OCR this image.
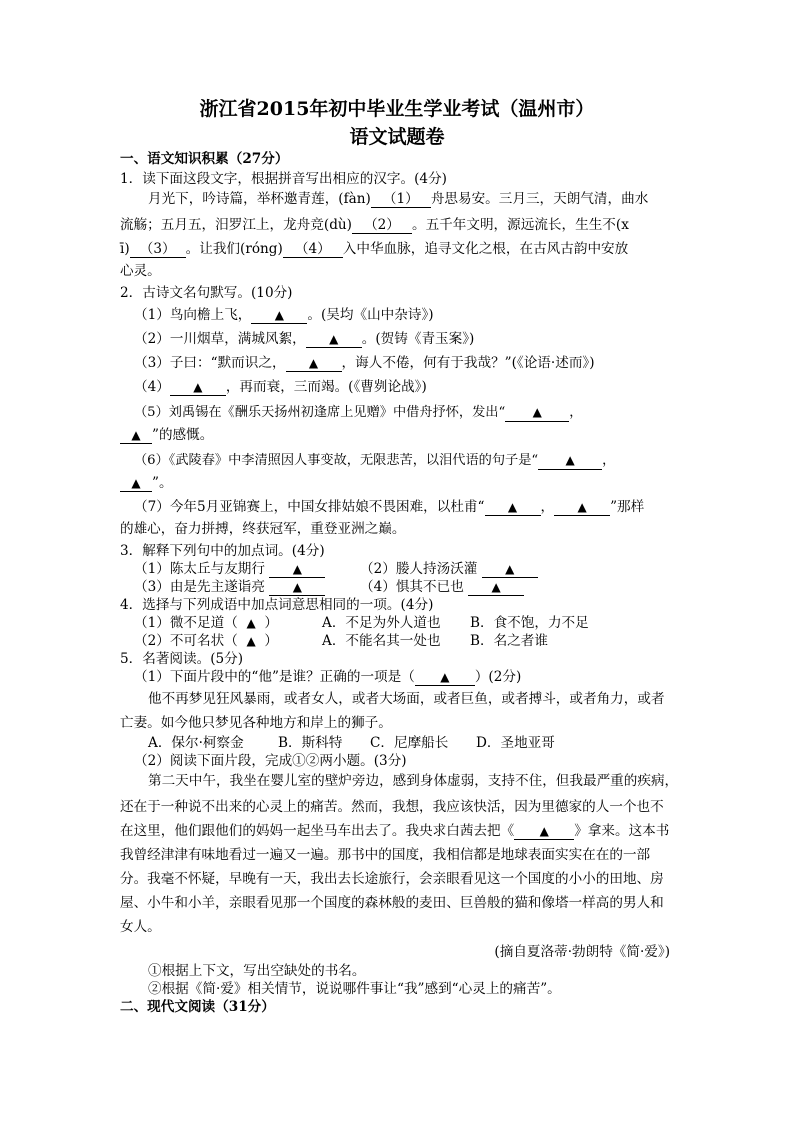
浙江省2015年初中毕业生学业考试（温州市）
语文试题卷
一、语文知识积累（27分）
1．读下面这段文字，根据拼音写出相应的汉字。(4分)
月光下，吟诗篇，举杯邀青莲，(fàn) （1） 舟思易安。三月三，天朗气清，曲水
流觞；五月五，汨罗江上，龙舟竞(dù) （2） 。五千年文明，源远流长，生生不(x
ī) （3） 。让我们(róng) （4） 入中华血脉，追寻文化之根，在古风古韵中安放
心灵。
2．古诗文名句默写。(10分)
（1）鸟向檐上飞， ▲ 。(吴均《山中杂诗》)
（2）一川烟草，满城风絮， ▲ 。(贺铸《青玉案》)
（3）子曰：“默而识之， ▲ ，诲人不倦，何有于我哉？”(《论语·述而》)
（4） ▲ ，再而衰，三而竭。(《曹刿论战》)
（5）刘禹锡在《酬乐天扬州初逢席上见赠》中借舟抒怀，发出“ ▲ ，
▲ ”的感慨。
（6）《武陵春》中李清照因人事变故，无限悲苦，以泪代语的句子是“ ▲ ，
▲ ”。
（7）今年5月亚锦赛上，中国女排姑娘不畏困难，以杜甫“ ▲ ， ▲ ”那样
的雄心，奋力拼搏，终获冠军，重登亚洲之巅。
3．解释下列句中的加点词。(4分)
（1）陈太丘与友期行 ▲	（2）媵人持汤沃灌 ▲
（3）由是先主遂诣亮 ▲	（4）惧其不已也 ▲
4．选择与下列成语中加点词意思相同的一项。(4分)
（1）微不足道（ ▲ ）	A．不足为外人道也 B．食不饱，力不足
（2）不可名状（ ▲ ）	A．不能名其一处也 B．名之者谁
5．名著阅读。(5分)
（1）下面片段中的“他”是谁？正确的一项是（ ▲ ）(2分)
他不再梦见狂风暴雨，或者女人，或者大场面，或者巨鱼，或者搏斗，或者角力，或者
亡妻。如今他只梦见各种地方和岸上的狮子。
A．保尔·柯察金	B．斯科特 C．尼摩船长 D．圣地亚哥
（2）阅读下面片段，完成①②两小题。(3分)
第二天中午，我坐在婴儿室的壁炉旁边，感到身体虚弱，支持不住，但我最严重的疾病，
还在于一种说不出来的心灵上的痛苦。然而，我想，我应该快活，因为里德家的人一个也不
在这里，他们跟他们的妈妈一起坐马车出去了。我央求白茜去把《 ▲ 》拿来。这本书
我曾经津津有味地看过一遍又一遍。那书中的国度，我相信都是地球表面实实在在的一部
分。我毫不怀疑，早晚有一天，我出去长途旅行，会亲眼看见这一个国度的小小的田地、房
屋、小牛和小羊，亲眼看见那一个国度的森林般的麦田、巨兽般的猫和像塔一样高的男人和
女人。
(摘自夏洛蒂·勃朗特《简·爱》)
①根据上下文，写出空缺处的书名。
②根据《简·爱》相关情节，说说哪件事让“我”感到“心灵上的痛苦”。
二、现代文阅读（31分）
